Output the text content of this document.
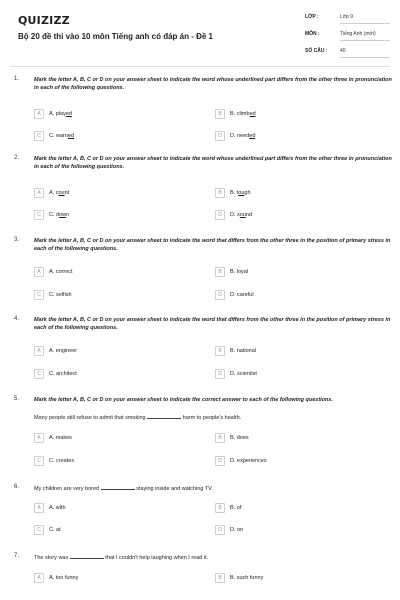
QUIZIZZ
Bộ 20 đề thi vào 10 môn Tiếng anh có đáp án - Đề 1
LỚP :	Lớp 9
MÔN :	Tiếng Anh (mới)
SỐ CÂU :	40
1.	Mark the letter A, B, C or D on your answer sheet to indicate the word whose underlined part differs from the other three in pronunciation in each of the following questions.
A	A. played	B	B. climbed
C	C. warned	D	D. needed
2.	Mark the letter A, B, C or D on your answer sheet to indicate the word whose underlined part differs from the other three in pronunciation in each of the following questions.
A	A. count	B	B. tough
C	C. down	D	D. sound
3.	Mark the letter A, B, C or D on your answer sheet to indicate the word that differs from the other three in the position of primary stress in each of the following questions.
A	A. correct	B	B. loyal
C	C. selfish	D	D. careful
4.	Mark the letter A, B, C or D on your answer sheet to indicate the word that differs from the other three in the position of primary stress in each of the following questions.
A	A. engineer	B	B. national
C	C. architect	D	D. scientist
5.	Mark the letter A, B, C or D on your answer sheet to indicate the correct answer to each of the following questions.
Many people still refuse to admit that smoking	harm to people's health.
A	A. makes	B	B. does
C	C. creates	D	D. experiences
6.	My children are very bored	staying inside and watching TV.
A	A. with	B	B. of
C	C. at	D	D. on
7.	The story was	that I couldn't help laughing when I read it.
A	A. too funny	B	B. such funny
